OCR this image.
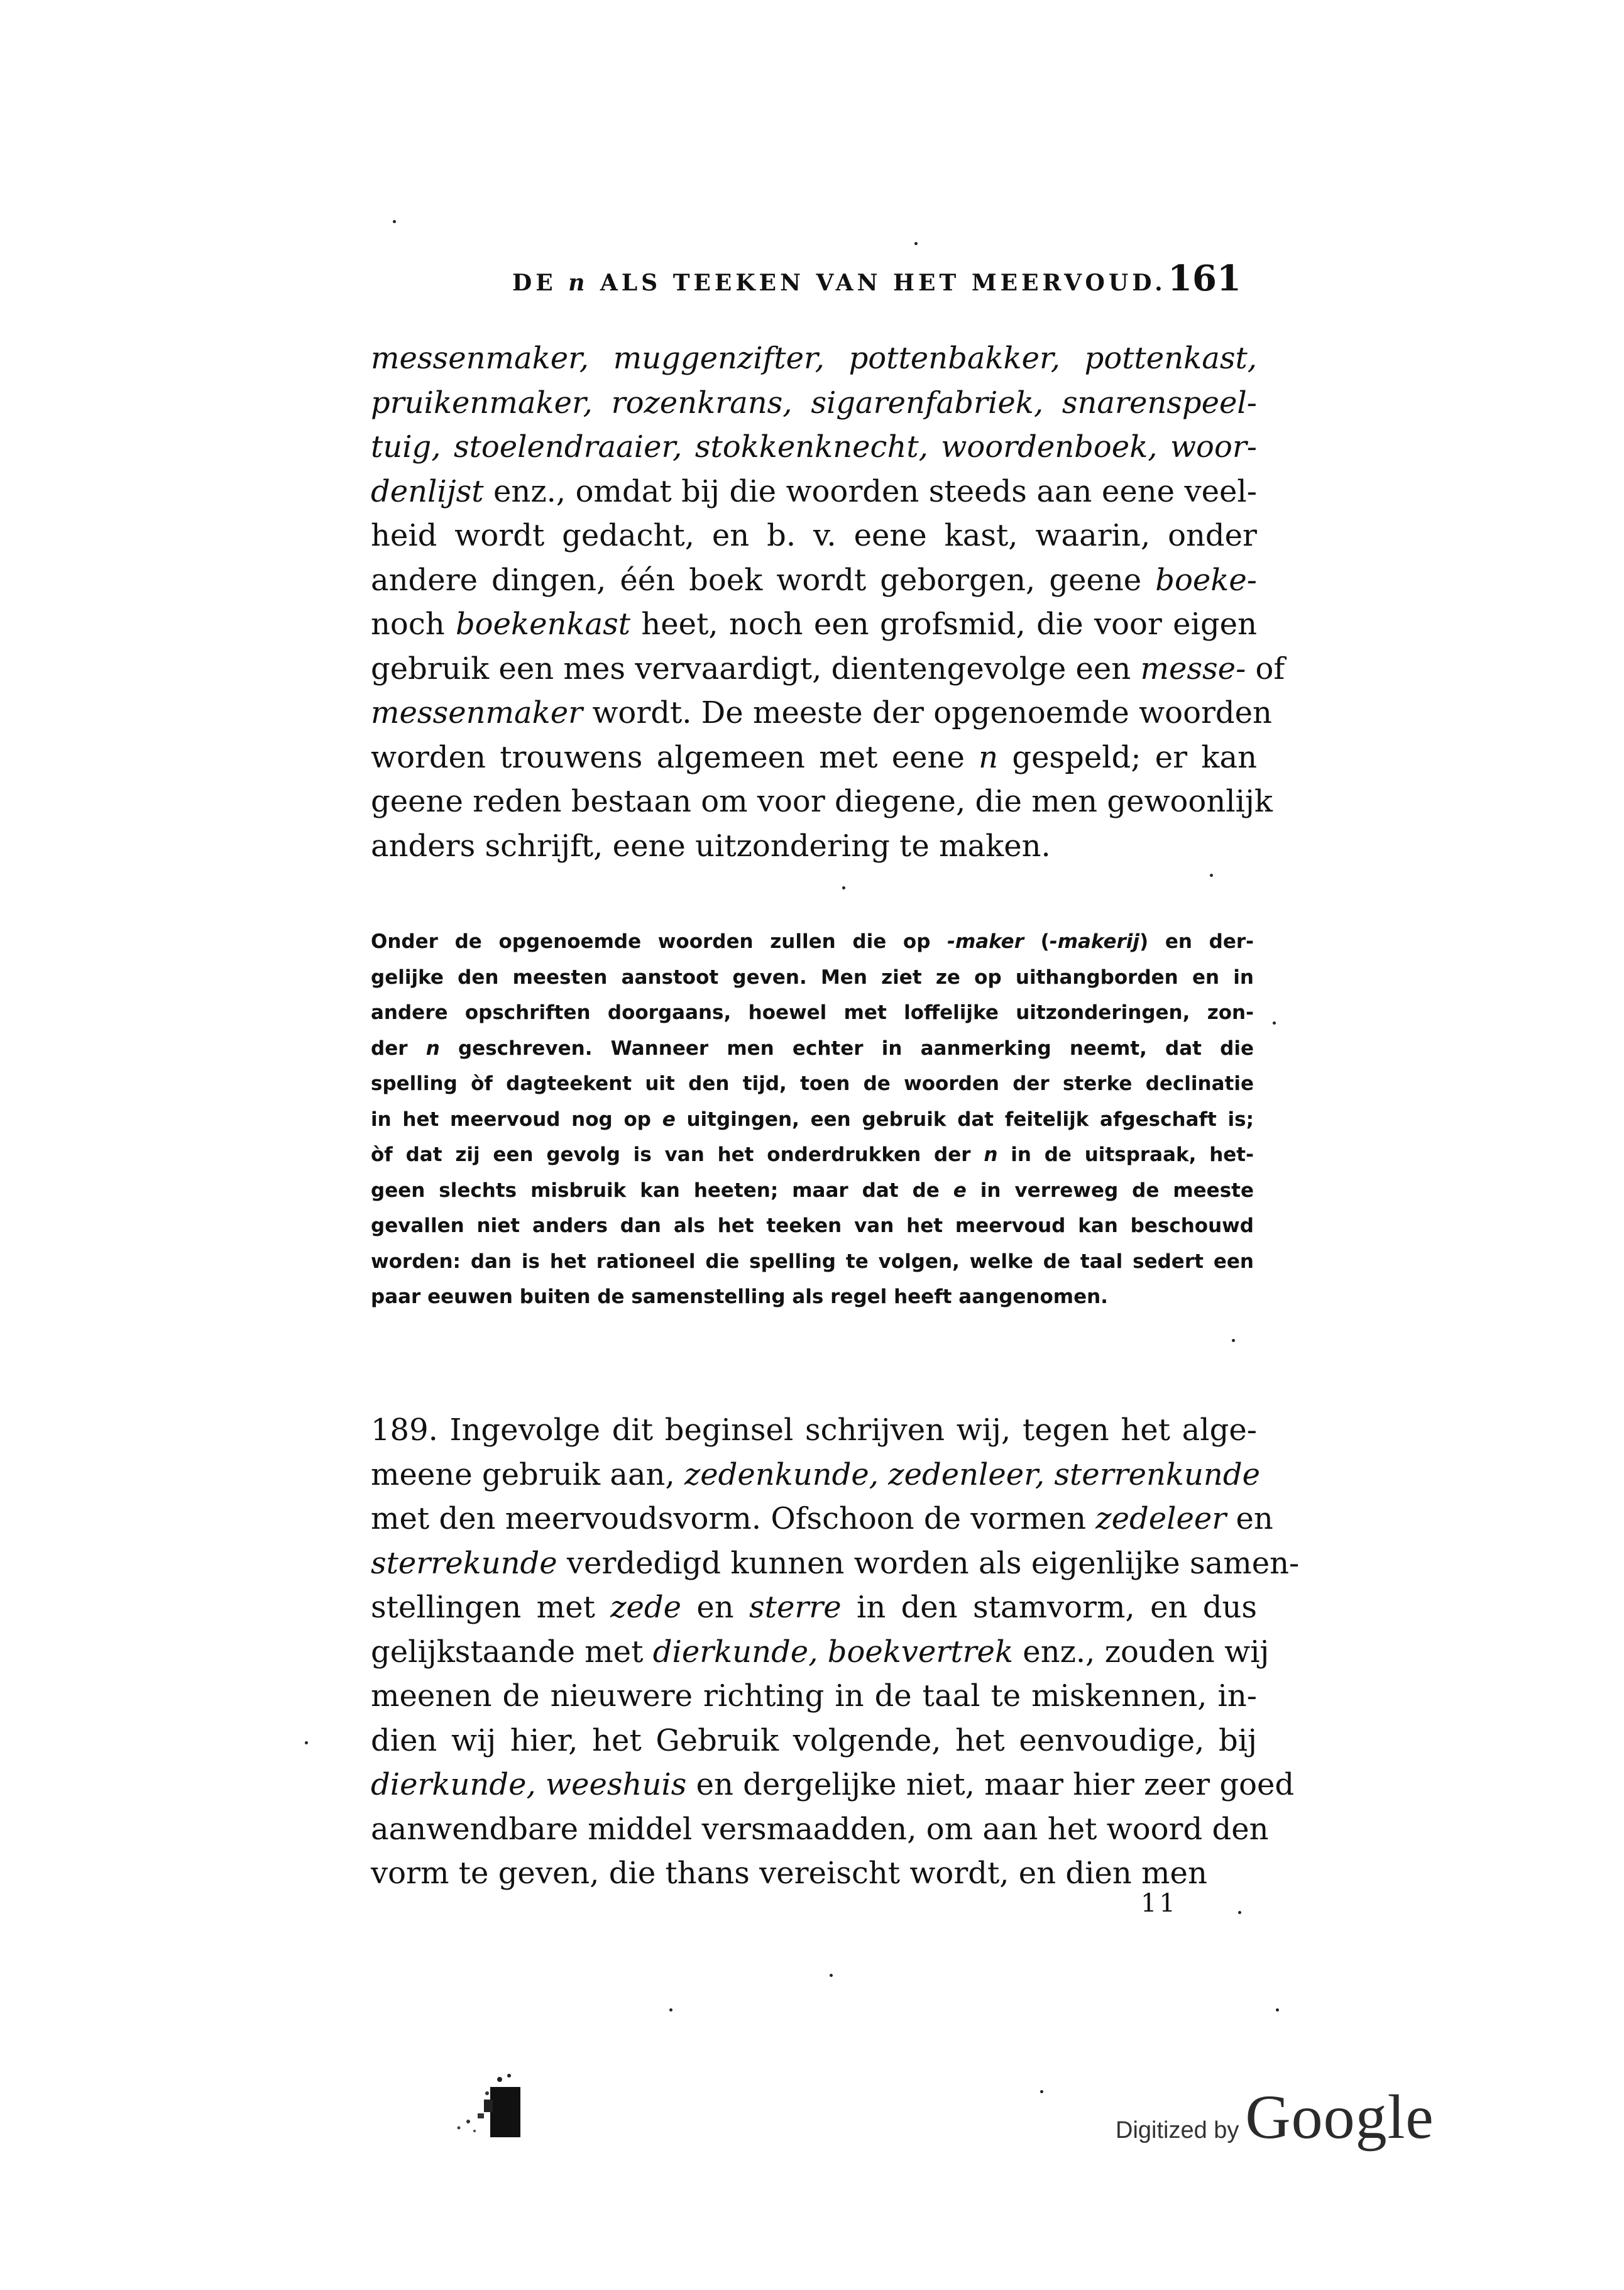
DE n ALS TEEKEN VAN HET MEERVOUD. 161
messenmaker, muggenzifter, pottenbakker, pottenkast,
pruikenmaker, rozenkrans, sigarenfabriek, snarenspeel-
tuig, stoelendraaier, stokkenknecht, woordenboek, woor-
denlijst enz., omdat bij die woorden steeds aan eene veel-
heid wordt gedacht, en b. v. eene kast, waarin, onder
andere dingen, één boek wordt geborgen, geene boeke-
noch boekenkast heet, noch een grofsmid, die voor eigen
gebruik een mes vervaardigt, dientengevolge een messe- of
messenmaker wordt. De meeste der opgenoemde woorden
worden trouwens algemeen met eene n gespeld; er kan
geene reden bestaan om voor diegene, die men gewoonlijk
anders schrijft, eene uitzondering te maken.
Onder de opgenoemde woorden zullen die op -maker (-makerij) en der-
gelijke den meesten aanstoot geven. Men ziet ze op uithangborden en in
andere opschriften doorgaans, hoewel met loffelijke uitzonderingen, zon-
der n geschreven. Wanneer men echter in aanmerking neemt, dat die
spelling òf dagteekent uit den tijd, toen de woorden der sterke declinatie
in het meervoud nog op e uitgingen, een gebruik dat feitelijk afgeschaft is;
òf dat zij een gevolg is van het onderdrukken der n in de uitspraak, het-
geen slechts misbruik kan heeten; maar dat de e in verreweg de meeste
gevallen niet anders dan als het teeken van het meervoud kan beschouwd
worden: dan is het rationeel die spelling te volgen, welke de taal sedert een
paar eeuwen buiten de samenstelling als regel heeft aangenomen.
189. Ingevolge dit beginsel schrijven wij, tegen het alge-
meene gebruik aan, zedenkunde, zedenleer, sterrenkunde
met den meervoudsvorm. Ofschoon de vormen zedeleer en
sterrekunde verdedigd kunnen worden als eigenlijke samen-
stellingen met zede en sterre in den stamvorm, en dus
gelijkstaande met dierkunde, boekvertrek enz., zouden wij
meenen de nieuwere richting in de taal te miskennen, in-
dien wij hier, het Gebruik volgende, het eenvoudige, bij
dierkunde, weeshuis en dergelijke niet, maar hier zeer goed
aanwendbare middel versmaadden, om aan het woord den
vorm te geven, die thans vereischt wordt, en dien men
11
Digitized by Google
